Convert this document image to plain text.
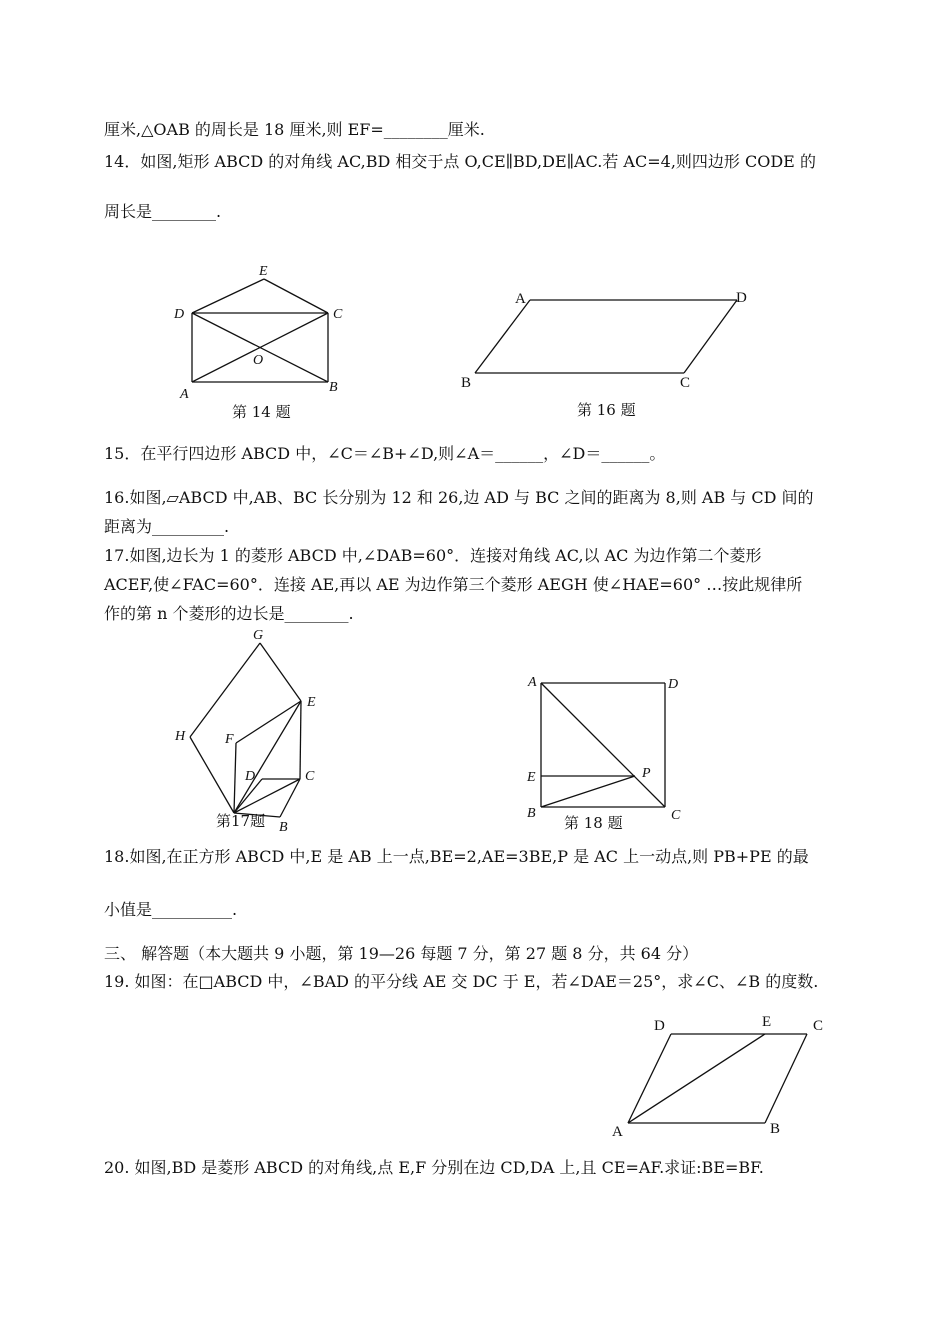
厘米,△OAB 的周长是 18 厘米,则 EF=________厘米.
14．如图,矩形 ABCD 的对角线 AC,BD 相交于点 O,CE∥BD,DE∥AC.若 AC=4,则四边形 CODE 的
周长是________.
E
D	C
O
A	B
第 14 题
A	D
B	C
第 16 题
15．在平行四边形 ABCD 中，∠C＝∠B+∠D,则∠A＝______，∠D＝______。
16.如图,▱ABCD 中,AB、BC 长分别为 12 和 26,边 AD 与 BC 之间的距离为 8,则 AB 与 CD 间的
距离为_________.
17.如图,边长为 1 的菱形 ABCD 中,∠DAB=60°．连接对角线 AC,以 AC 为边作第二个菱形
ACEF,使∠FAC=60°．连接 AE,再以 AE 为边作第三个菱形 AEGH 使∠HAE=60° …按此规律所
作的第 n 个菱形的边长是________.
G
E
H	F
D	C
B
第17题
A	D
E	P
B	C
第 18 题
18.如图,在正方形 ABCD 中,E 是 AB 上一点,BE=2,AE=3BE,P 是 AC 上一动点,则 PB+PE 的最
小值是__________.
三、 解答题（本大题共 9 小题，第 19—26 每题 7 分，第 27 题 8 分，共 64 分）
19. 如图：在□ABCD 中，∠BAD 的平分线 AE 交 DC 于 E，若∠DAE＝25°，求∠C、∠B 的度数.
D	E	C
A	B
20. 如图,BD 是菱形 ABCD 的对角线,点 E,F 分别在边 CD,DA 上,且 CE=AF.求证:BE=BF.
